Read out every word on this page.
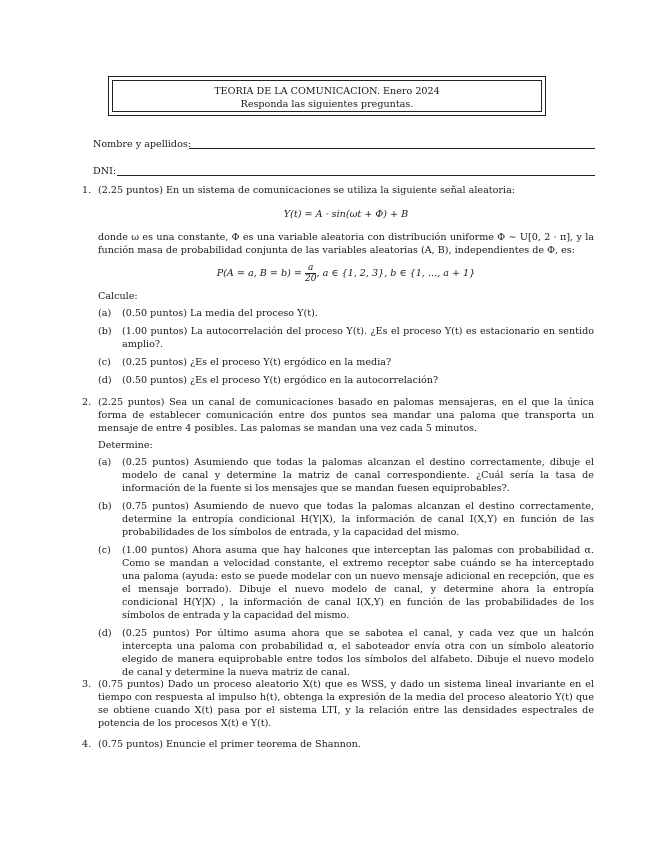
TEORIA DE LA COMUNICACION. Enero 2024
Responda las siguientes preguntas.
Nombre y apellidos:
DNI:
1. (2.25 puntos) En un sistema de comunicaciones se utiliza la siguiente señal aleatoria:

Y(t) = A · sin(ωt + Φ) + B

donde ω es una constante, Φ es una variable aleatoria con distribución uniforme Φ ∼ U[0, 2 · π], y la función masa de probabilidad conjunta de las variables aleatorias (A, B), independientes de Φ, es:

P(A = a, $B = b) = \frac{a}{20}$ , a ∈ {1, 2, 3}, b ∈ {1, ..., a + 1}

Calcule:

(a) (0.50 puntos) La media del proceso Y(t).
(b) (1.00 puntos) La autocorrelación del proceso Y(t). ¿Es el proceso Y(t) es estacionario en sentido amplio?.
(c) (0.25 puntos) ¿Es el proceso Y(t) ergódico en la media?
(d) (0.50 puntos) ¿Es el proceso Y(t) ergódico en la autocorrelación?
2. (2.25 puntos) Sea un canal de comunicaciones basado en palomas mensajeras, en el que la única forma de establecer comunicación entre dos puntos sea mandar una paloma que transporta un mensaje de entre 4 posibles. Las palomas se mandan una vez cada 5 minutos.

Determine:

(a) (0.25 puntos) Asumiendo que todas la palomas alcanzan el destino correctamente, dibuje el modelo de canal y determine la matriz de canal correspondiente. ¿Cuál sería la tasa de información de la fuente si los mensajes que se mandan fuesen equiprobables?.
(b) (0.75 puntos) Asumiendo de nuevo que todas la palomas alcanzan el destino correctamente, determine la entropía condicional H(Y|X), la información de canal I(X,Y) en función de las probabilidades de los símbolos de entrada, y la capacidad del mismo.
(c) (1.00 puntos) Ahora asuma que hay halcones que interceptan las palomas con probabilidad α. Como se mandan a velocidad constante, el extremo receptor sabe cuándo se ha interceptado una paloma (ayuda: esto se puede modelar con un nuevo mensaje adicional en recepción, que es el mensaje borrado). Dibuje el nuevo modelo de canal, y determine ahora la entropía condicional H(Y|X) , la información de canal I(X,Y) en función de las probabilidades de los símbolos de entrada y la capacidad del mismo.
(d) (0.25 puntos) Por último asuma ahora que se sabotea el canal, y cada vez que un halcón intercepta una paloma con probabilidad α, el saboteador envía otra con un símbolo aleatorio elegido de manera equiprobable entre todos los símbolos del alfabeto. Dibuje el nuevo modelo de canal y determine la nueva matriz de canal.
3. (0.75 puntos) Dado un proceso aleatorio X(t) que es WSS, y dado un sistema lineal invariante en el tiempo con respuesta al impulso h(t), obtenga la expresión de la media del proceso aleatorio Y(t) que se obtiene cuando X(t) pasa por el sistema LTI, y la relación entre las densidades espectrales de potencia de los procesos X(t) e Y(t).
4. (0.75 puntos) Enuncie el primer teorema de Shannon.
